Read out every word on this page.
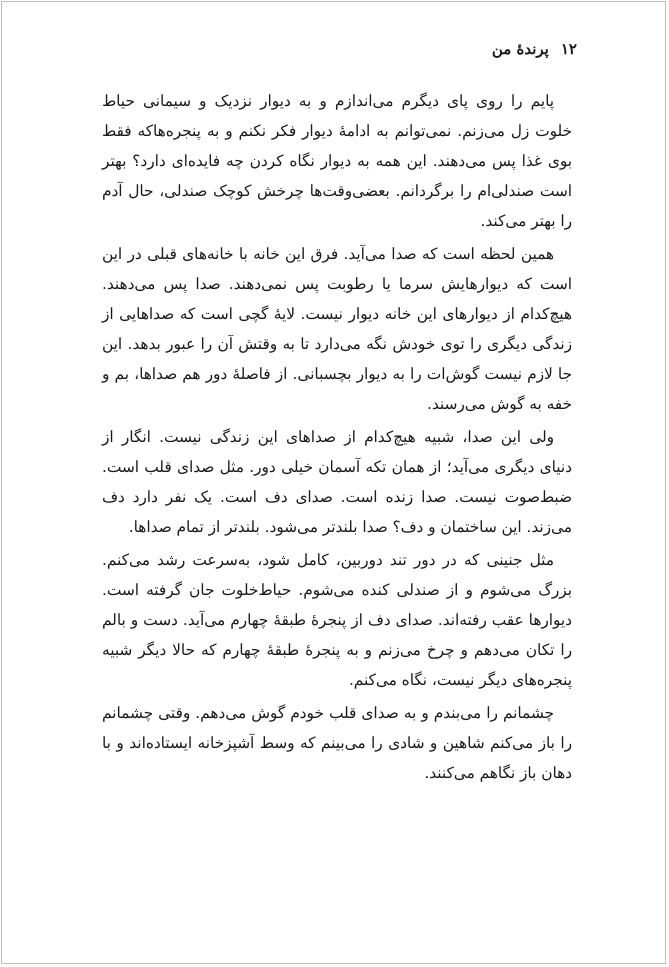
۱۲
پرندهٔ من

پایم را روی پای دیگرم می‌اندازم و به دیوار نزدیک و سیمانی حیاط خلوت زل می‌زنم. نمی‌توانم به ادامهٔ دیوار فکر نکنم و به پنجره‌هاکه فقط بوی غذا پس می‌دهند. این همه به دیوار نگاه کردن چه فایده‌ای دارد؟ بهتر است صندلی‌ام را برگردانم. بعضی‌وقت‌ها چرخش کوچک صندلی، حال آدم را بهتر می‌کند.

همین لحظه است که صدا می‌آید. فرق این خانه با خانه‌های قبلی در این است که دیوارهایش سرما یا رطوبت پس نمی‌دهند. صدا پس می‌دهند. هیچ‌کدام از دیوارهای این خانه دیوار نیست. لایهٔ گچی است که صداهایی از زندگی دیگری را توی خودش نگه می‌دارد تا به وقتش آن را عبور بدهد. این جا لازم نیست گوش‌ات را به دیوار بچسبانی. از فاصلهٔ دور هم صداها، بم و خفه به گوش می‌رسند.

ولی این صدا، شبیه هیچ‌کدام از صداهای این زندگی نیست. انگار از دنیای دیگری می‌آید؛ از همان تکه آسمان خیلی دور. مثل صدای قلب است. ضبط‌صوت نیست. صدا زنده است. صدای دف است. یک نفر دارد دف می‌زند. این ساختمان و دف؟ صدا بلندتر می‌شود. بلندتر از تمام صداها.

مثل جنینی که در دور تند دوربین، کامل شود، به‌سرعت رشد می‌کنم. بزرگ می‌شوم و از صندلی کنده می‌شوم. حیاط‌خلوت جان گرفته است. دیوارها عقب رفته‌اند. صدای دف از پنجرهٔ طبقهٔ چهارم می‌آید. دست و بالم را تکان می‌دهم و چرخ می‌زنم و به پنجرهٔ طبقهٔ چهارم که حالا دیگر شبیه پنجره‌های دیگر نیست، نگاه می‌کنم.

چشمانم را می‌بندم و به صدای قلب خودم گوش می‌دهم. وقتی چشمانم را باز می‌کنم شاهین و شادی را می‌بینم که وسط آشپزخانه ایستاده‌اند و با دهان باز نگاهم می‌کنند.
